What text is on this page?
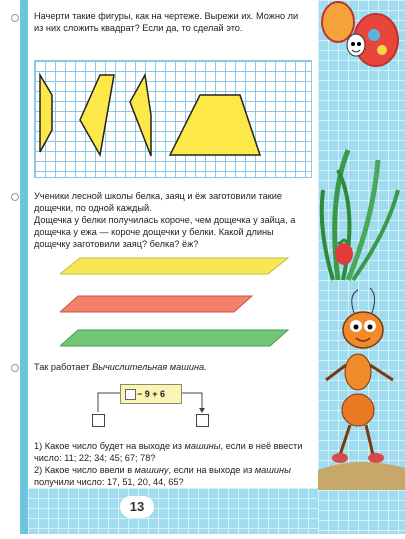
13
Начерти такие фигуры, как на чертеже. Вырежи их. Можно ли из них сложить квадрат? Если да, то сделай это.
Ученики лесной школы белка, заяц и ёж заготовили такие дощечки, по одной каждый.
Дощечка у белки получилась короче, чем дощечка у зайца, а дощечка у ежа — короче дощечки у белки. Какой длины дощечку заготовили заяц? белка? ёж?
Так работает Вычислительная машина.
− 9 + 6
1) Какое число будет на выходе из машины, если в неё ввести число: 11; 22; 34; 45; 67; 78?
2) Какое число ввели в машину, если на выходе из машины получили число: 17, 51, 20, 44, 65?
